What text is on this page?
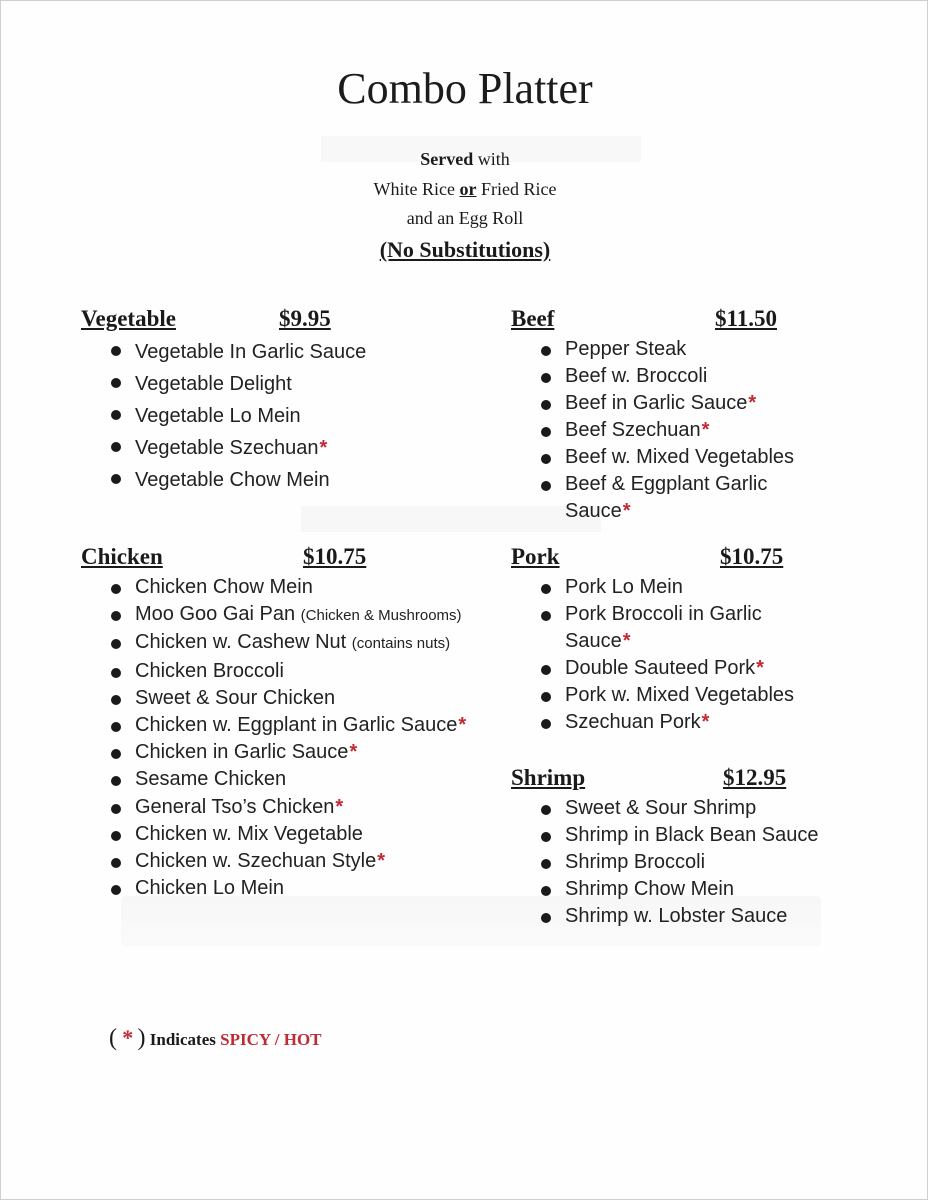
Combo Platter
Served with
White Rice or Fried Rice
and an Egg Roll
(No Substitutions)
Vegetable	$9.95
Vegetable In Garlic Sauce
Vegetable Delight
Vegetable Lo Mein
Vegetable Szechuan*
Vegetable Chow Mein
Beef	$11.50
Pepper Steak
Beef w. Broccoli
Beef in Garlic Sauce*
Beef Szechuan*
Beef w. Mixed Vegetables
Beef & Eggplant Garlic
Sauce*
Chicken	$10.75
Chicken Chow Mein
Moo Goo Gai Pan (Chicken & Mushrooms)
Chicken w. Cashew Nut (contains nuts)
Chicken Broccoli
Sweet & Sour Chicken
Chicken w. Eggplant in Garlic Sauce*
Chicken in Garlic Sauce*
Sesame Chicken
General Tso’s Chicken*
Chicken w. Mix Vegetable
Chicken w. Szechuan Style*
Chicken Lo Mein
Pork	$10.75
Pork Lo Mein
Pork Broccoli in Garlic
Sauce*
Double Sauteed Pork*
Pork w. Mixed Vegetables
Szechuan Pork*
Shrimp	$12.95
Sweet & Sour Shrimp
Shrimp in Black Bean Sauce
Shrimp Broccoli
Shrimp Chow Mein
Shrimp w. Lobster Sauce
( * ) Indicates SPICY / HOT
